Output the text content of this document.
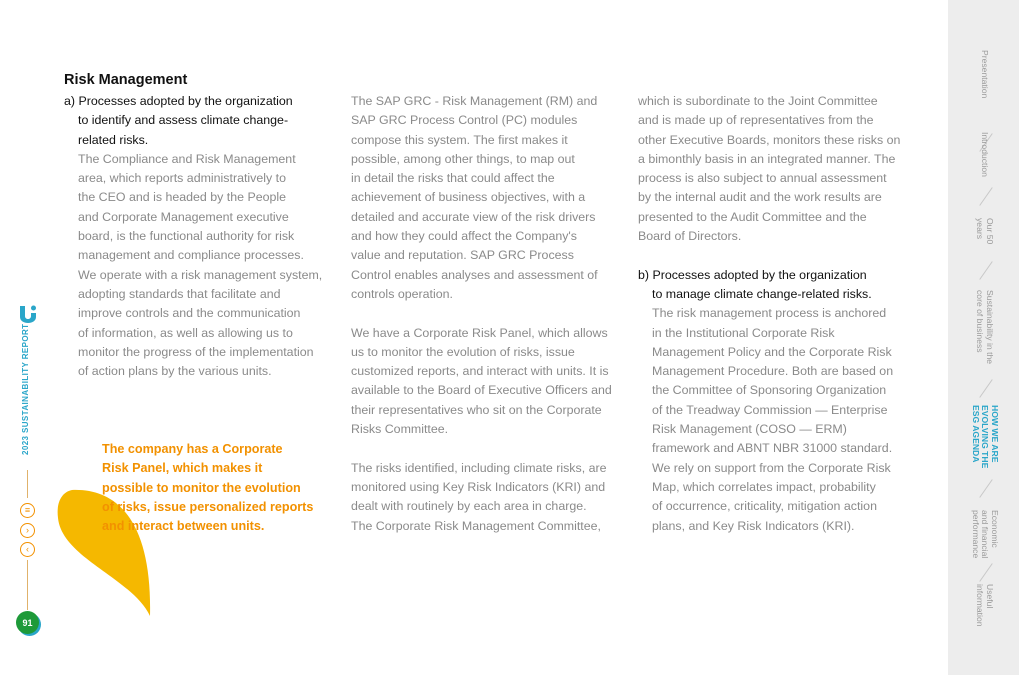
Risk Management

a) Processes adopted by the organization
to identify and assess climate change-
related risks.

The Compliance and Risk Management

area, which reports administratively to

the CEO and is headed by the People

and Corporate Management executive

board, is the functional authority for risk

management and compliance processes.

We operate with a risk management system,

adopting standards that facilitate and

improve controls and the communication

of information, as well as allowing us to

monitor the progress of the implementation

of action plans by the various units.

The company has a Corporate
Risk Panel, which makes it
possible to monitor the evolution
of risks, issue personalized reports
and interact between units.

The SAP GRC - Risk Management (RM) and

SAP GRC Process Control (PC) modules

compose this system. The first makes it

possible, among other things, to map out

in detail the risks that could affect the

achievement of business objectives, with a

detailed and accurate view of the risk drivers

and how they could affect the Company's

value and reputation. SAP GRC Process

Control enables analyses and assessment of

controls operation.

We have a Corporate Risk Panel, which allows

us to monitor the evolution of risks, issue

customized reports, and interact with units. It is

available to the Board of Executive Officers and

their representatives who sit on the Corporate

Risks Committee.

The risks identified, including climate risks, are

monitored using Key Risk Indicators (KRI) and

dealt with routinely by each area in charge.

The Corporate Risk Management Committee,

which is subordinate to the Joint Committee

and is made up of representatives from the

other Executive Boards, monitors these risks on

a bimonthly basis in an integrated manner. The

process is also subject to annual assessment

by the internal audit and the work results are

presented to the Audit Committee and the

Board of Directors.

b) Processes adopted by the organization
to manage climate change-related risks.

The risk management process is anchored

in the Institutional Corporate Risk

Management Policy and the Corporate Risk

Management Procedure. Both are based on

the Committee of Sponsoring Organization

of the Treadway Commission — Enterprise

Risk Management (COSO — ERM)

framework and ABNT NBR 31000 standard.

We rely on support from the Corporate Risk

Map, which correlates impact, probability

of occurrence, criticality, mitigation action

plans, and Key Risk Indicators (KRI).

2023 SUSTAINABILITY REPORT
≡
›
‹
91
Presentation
Introduction
Our 50
years
Sustainability in the
core of business
HOW WE ARE
EVOLVING THE
ESG AGENDA
Economic
and financial
performance
Useful
information
